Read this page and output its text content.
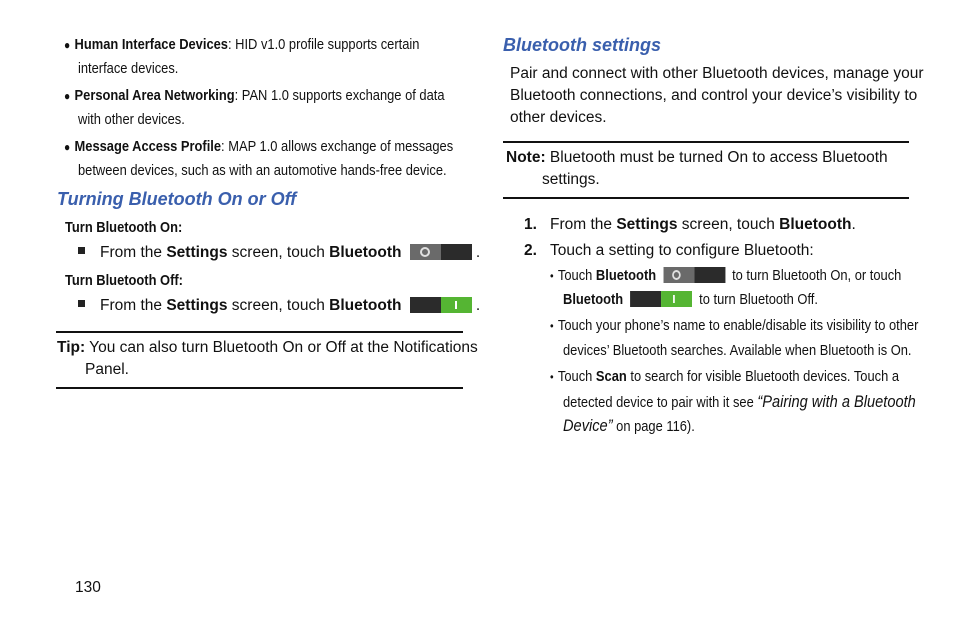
● Human Interface Devices: HID v1.0 profile supports certain
interface devices.
● Personal Area Networking: PAN 1.0 supports exchange of data
with other devices.
● Message Access Profile: MAP 1.0 allows exchange of messages
between devices, such as with an automotive hands-free device.
Turning Bluetooth On or Off
Turn Bluetooth On:
From the Settings screen, touch Bluetooth	.
Turn Bluetooth Off:
From the Settings screen, touch Bluetooth	.
Tip: You can also turn Bluetooth On or Off at the Notifications
Panel.
Bluetooth settings
Pair and connect with other Bluetooth devices, manage your
Bluetooth connections, and control your device’s visibility to
other devices.
Note: Bluetooth must be turned On to access Bluetooth
settings.
1. From the Settings screen, touch Bluetooth.
2. Touch a setting to configure Bluetooth:
• Touch Bluetooth	to turn Bluetooth On, or touch
Bluetooth	to turn Bluetooth Off.
• Touch your phone’s name to enable/disable its visibility to other
devices’ Bluetooth searches. Available when Bluetooth is On.
• Touch Scan to search for visible Bluetooth devices. Touch a
detected device to pair with it see “Pairing with a Bluetooth
Device” on page 116).
130
